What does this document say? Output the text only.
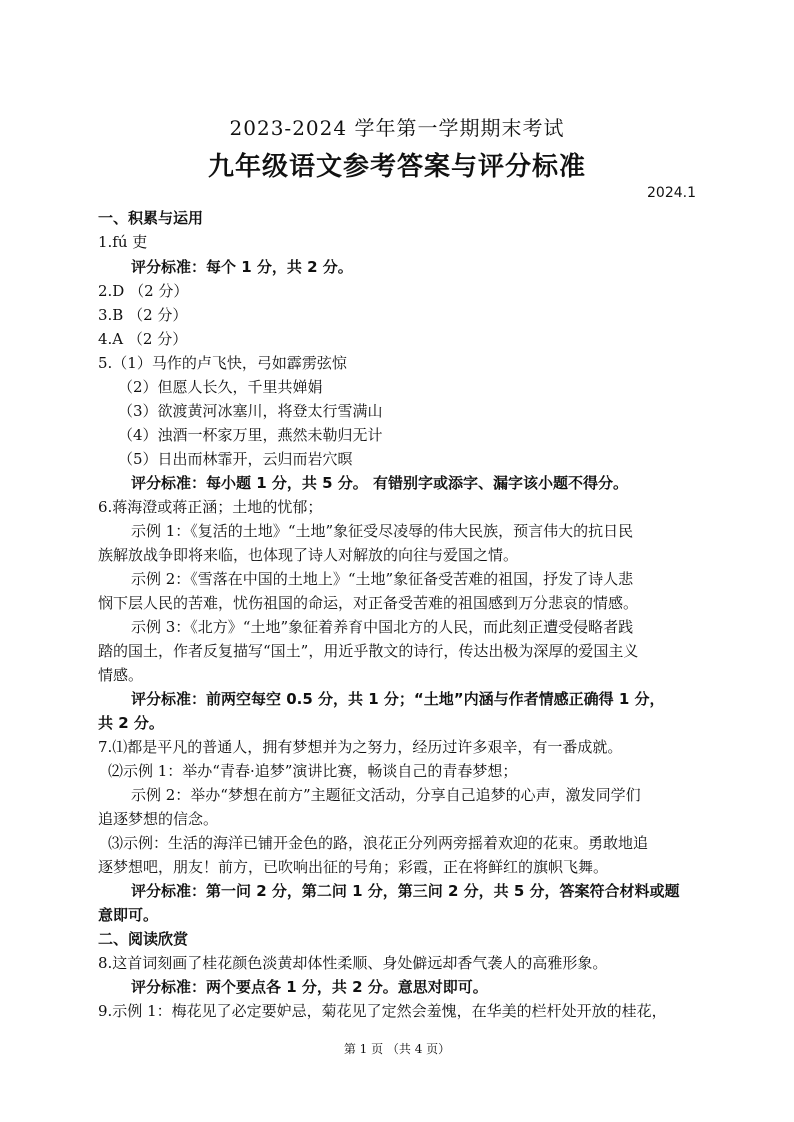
2023-2024 学年第一学期期末考试
九年级语文参考答案与评分标准
2024.1
一、积累与运用
1.fú 吏
评分标准：每个 1 分，共 2 分。
2.D （2 分）
3.B （2 分）
4.A （2 分）
5.（1）马作的卢飞快，弓如霹雳弦惊
（2）但愿人长久，千里共婵娟
（3）欲渡黄河冰塞川，将登太行雪满山
（4）浊酒一杯家万里，燕然未勒归无计
（5）日出而林霏开，云归而岩穴暝
评分标准：每小题 1 分，共 5 分。 有错别字或添字、漏字该小题不得分。
6.蒋海澄或蒋正涵；土地的忧郁；
示例 1：《复活的土地》“土地”象征受尽凌辱的伟大民族，预言伟大的抗日民
族解放战争即将来临，也体现了诗人对解放的向往与爱国之情。
示例 2：《雪落在中国的土地上》“土地”象征备受苦难的祖国，抒发了诗人悲
悯下层人民的苦难，忧伤祖国的命运，对正备受苦难的祖国感到万分悲哀的情感。
示例 3：《北方》“土地”象征着养育中国北方的人民，而此刻正遭受侵略者践
踏的国土，作者反复描写“国土”，用近乎散文的诗行，传达出极为深厚的爱国主义
情感。
评分标准：前两空每空 0.5 分，共 1 分；“土地”内涵与作者情感正确得 1 分，
共 2 分。
7.⑴都是平凡的普通人，拥有梦想并为之努力，经历过许多艰辛，有一番成就。
⑵示例 1：举办“青春·追梦”演讲比赛，畅谈自己的青春梦想；
示例 2：举办“梦想在前方”主题征文活动，分享自己追梦的心声，激发同学们
追逐梦想的信念。
⑶示例：生活的海洋已铺开金色的路，浪花正分列两旁摇着欢迎的花束。勇敢地追
逐梦想吧，朋友！前方，已吹响出征的号角；彩霞，正在将鲜红的旗帜飞舞。
评分标准：第一问 2 分，第二问 1 分，第三问 2 分，共 5 分，答案符合材料或题
意即可。
二、阅读欣赏
8.这首词刻画了桂花颜色淡黄却体性柔顺、身处僻远却香气袭人的高雅形象。
评分标准：两个要点各 1 分，共 2 分。意思对即可。
9.示例 1：梅花见了必定要妒忌，菊花见了定然会羞愧，在华美的栏杆处开放的桂花，
第 1 页 （共 4 页）
